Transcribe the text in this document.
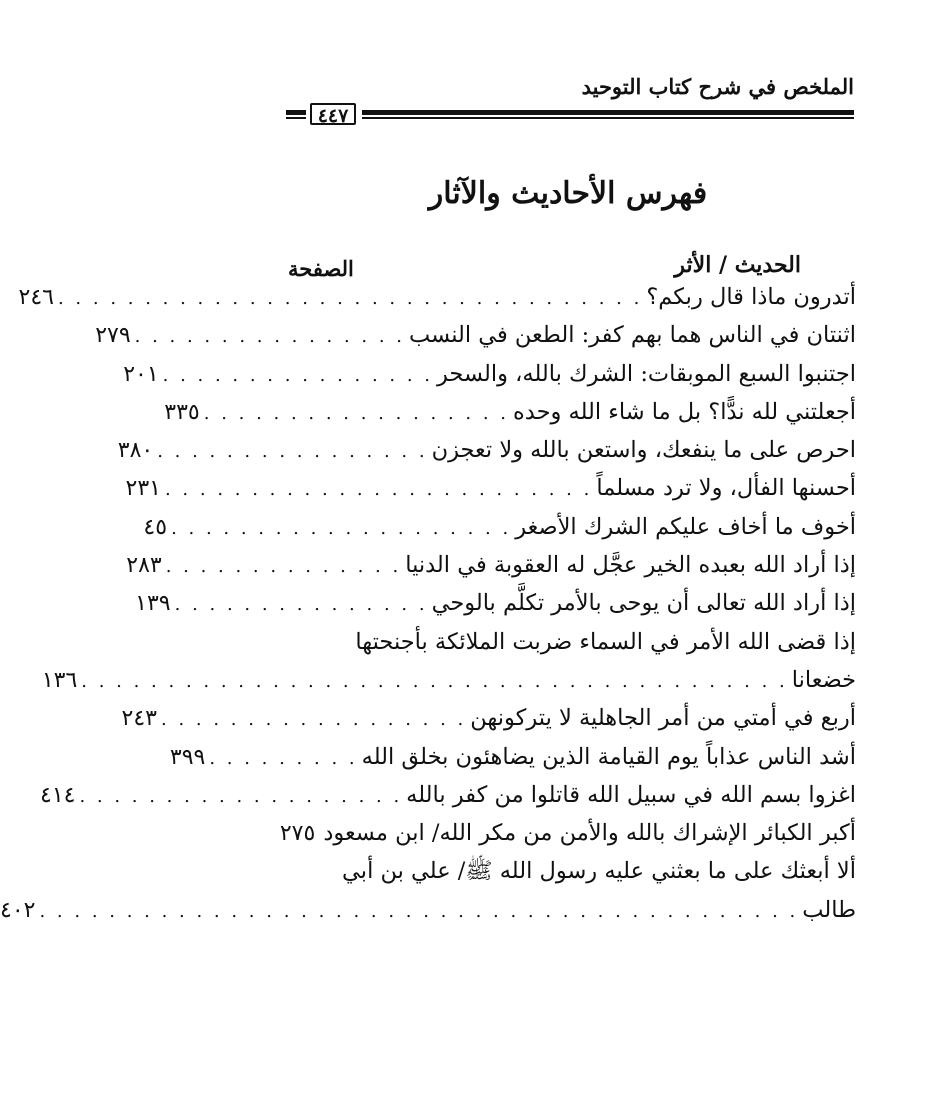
الملخص في شرح كتاب التوحيد
٤٤٧
فهرس الأحاديث والآثار
الحديث / الأثر
الصفحة
أتدرون ماذا قال ربكم؟
. . . . . . . . . . . . . . . . . . . . . . . . . . . . . . . . . .
٢٤٦
اثنتان في الناس هما بهم كفر: الطعن في النسب
. . . . . . . . . . . . . . . .
٢٧٩
اجتنبوا السبع الموبقات: الشرك بالله، والسحر
. . . . . . . . . . . . . . . .
٢٠١
أجعلتني لله ندًّا؟ بل ما شاء الله وحده
. . . . . . . . . . . . . . . . . .
٣٣٥
احرص على ما ينفعك، واستعن بالله ولا تعجزن
. . . . . . . . . . . . . . . .
٣٨٠
أحسنها الفأل، ولا ترد مسلماً
. . . . . . . . . . . . . . . . . . . . . . . . .
٢٣١
أخوف ما أخاف عليكم الشرك الأصغر
. . . . . . . . . . . . . . . . . . . .
٤٥
إذا أراد الله بعبده الخير عجَّل له العقوبة في الدنيا
. . . . . . . . . . . . . .
٢٨٣
إذا أراد الله تعالى أن يوحى بالأمر تكلَّم بالوحي
. . . . . . . . . . . . . . .
١٣٩
إذا قضى الله الأمر في السماء ضربت الملائكة بأجنحتها
خضعانا
. . . . . . . . . . . . . . . . . . . . . . . . . . . . . . . . . . . . . . . . .
١٣٦
أربع في أمتي من أمر الجاهلية لا يتركونهن
. . . . . . . . . . . . . . . . . .
٢٤٣
أشد الناس عذاباً يوم القيامة الذين يضاهئون بخلق الله
. . . . . . . . .
٣٩٩
اغزوا بسم الله في سبيل الله قاتلوا من كفر بالله
. . . . . . . . . . . . . . . . . . .
٤١٤
أكبر الكبائر الإشراك بالله والأمن من مكر الله/ ابن مسعود
٢٧٥
ألا أبعثك على ما بعثني عليه رسول الله ﷺ/ علي بن أبي
طالب
. . . . . . . . . . . . . . . . . . . . . . . . . . . . . . . . . . . . . . . . . . . .
٤٠٢
